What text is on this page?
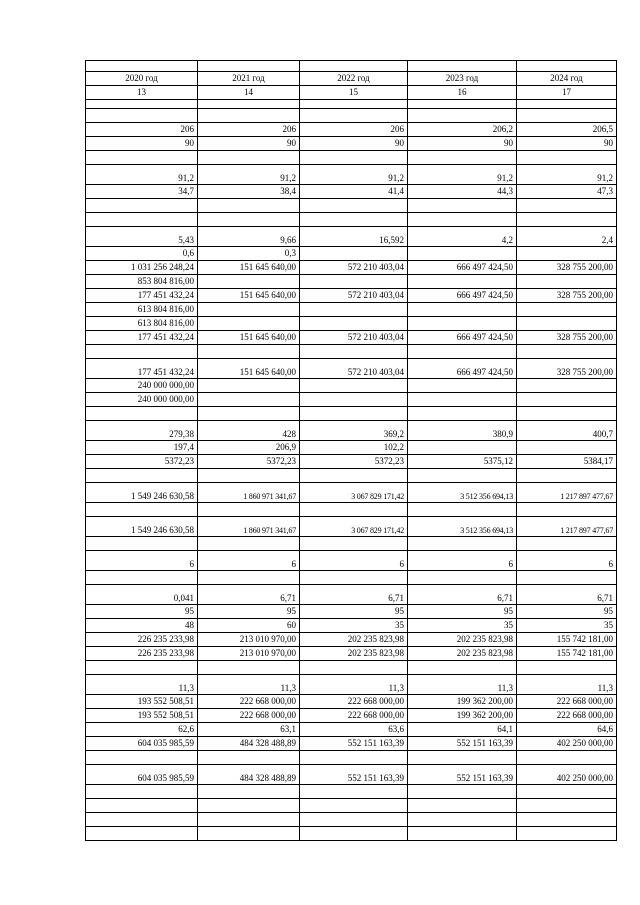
2020 год	2021 год	2022 год	2023 год	2024 год
13	14	15	16	17

206	206	206	206,2	206,5
90	90	90	90	90

91,2	91,2	91,2	91,2	91,2
34,7	38,4	41,4	44,3	47,3

5,43	9,66	16,592	4,2	2,4
0,6	0,3			
1 031 256 248,24	151 645 640,00	572 210 403,04	666 497 424,50	328 755 200,00
853 804 816,00				
177 451 432,24	151 645 640,00	572 210 403,04	666 497 424,50	328 755 200,00
613 804 816,00				
613 804 816,00				
177 451 432,24	151 645 640,00	572 210 403,04	666 497 424,50	328 755 200,00

177 451 432,24	151 645 640,00	572 210 403,04	666 497 424,50	328 755 200,00
240 000 000,00				
240 000 000,00				

279,38	428	369,2	380,9	400,7
197,4	206,9	102,2		
5372,23	5372,23	5372,23	5375,12	5384,17

1 549 246 630,58	1 860 971 341,67	3 067 829 171,42	3 512 356 694,13	1 217 897 477,67

1 549 246 630,58	1 860 971 341,67	3 067 829 171,42	3 512 356 694,13	1 217 897 477,67

6	6	6	6	6

0,041	6,71	6,71	6,71	6,71
95	95	95	95	95
48	60	35	35	35
226 235 233,98	213 010 970,00	202 235 823,98	202 235 823,98	155 742 181,00
226 235 233,98	213 010 970,00	202 235 823,98	202 235 823,98	155 742 181,00

11,3	11,3	11,3	11,3	11,3
193 552 508,51	222 668 000,00	222 668 000,00	199 362 200,00	222 668 000,00
193 552 508,51	222 668 000,00	222 668 000,00	199 362 200,00	222 668 000,00
62,6	63,1	63,6	64,1	64,6
604 035 985,59	484 328 488,89	552 151 163,39	552 151 163,39	402 250 000,00

604 035 985,59	484 328 488,89	552 151 163,39	552 151 163,39	402 250 000,00
